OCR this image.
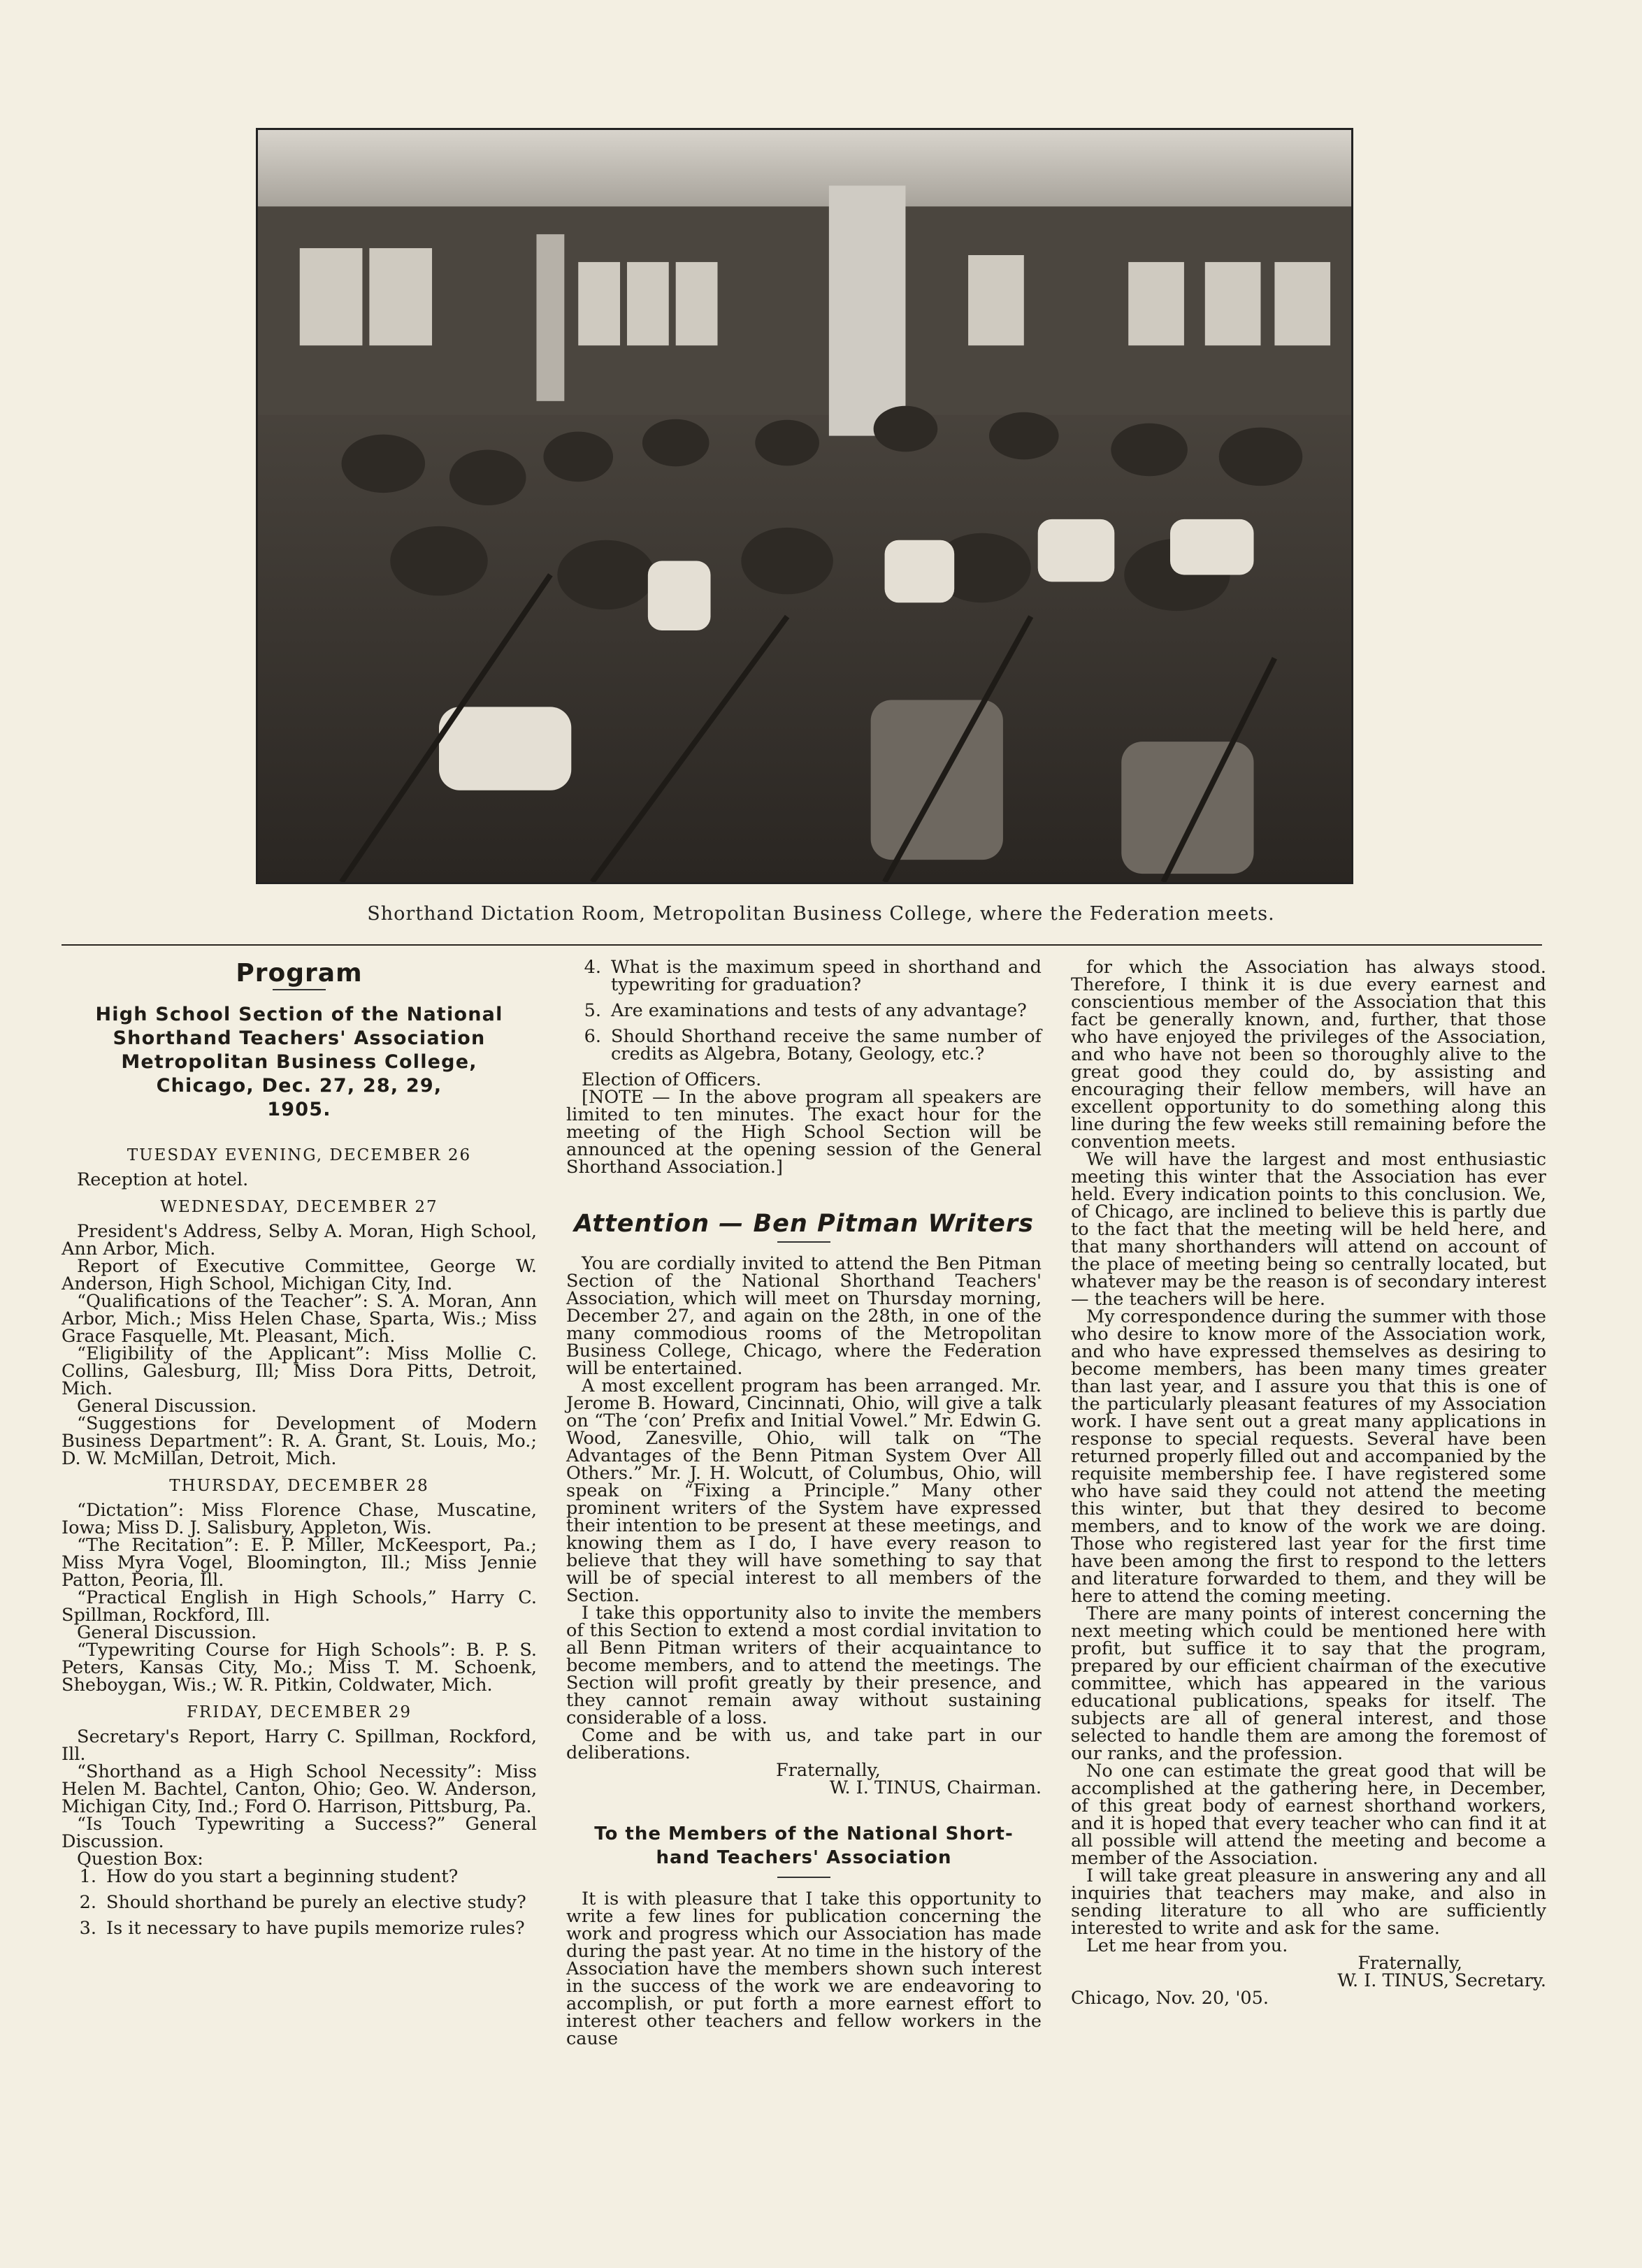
Shorthand Dictation Room, Metropolitan Business College, where the Federation meets.
Program
High School Section of the National
Shorthand Teachers' Association
Metropolitan Business College,
Chicago, Dec. 27, 28, 29,
1905.
TUESDAY EVENING, DECEMBER 26

Reception at hotel.

WEDNESDAY, DECEMBER 27

President's Address, Selby A. Moran, High School, Ann Arbor, Mich.

Report of Executive Committee, George W. Anderson, High School, Michigan City, Ind.

“Qualifications of the Teacher”: S. A. Moran, Ann Arbor, Mich.; Miss Helen Chase, Sparta, Wis.; Miss Grace Fasquelle, Mt. Pleasant, Mich.

“Eligibility of the Applicant”: Miss Mollie C. Collins, Galesburg, Ill; Miss Dora Pitts, Detroit, Mich.

General Discussion.

“Suggestions for Development of Modern Business Department”: R. A. Grant, St. Louis, Mo.; D. W. McMillan, Detroit, Mich.

THURSDAY, DECEMBER 28

“Dictation”: Miss Florence Chase, Muscatine, Iowa; Miss D. J. Salisbury, Appleton, Wis.

“The Recitation”: E. P. Miller, McKeesport, Pa.; Miss Myra Vogel, Bloomington, Ill.; Miss Jennie Patton, Peoria, Ill.

“Practical English in High Schools,” Harry C. Spillman, Rockford, Ill.

General Discussion.

“Typewriting Course for High Schools”: B. P. S. Peters, Kansas City, Mo.; Miss T. M. Schoenk, Sheboygan, Wis.; W. R. Pitkin, Coldwater, Mich.

FRIDAY, DECEMBER 29

Secretary's Report, Harry C. Spillman, Rockford, Ill.

“Shorthand as a High School Necessity”: Miss Helen M. Bachtel, Canton, Ohio; Geo. W. Anderson, Michigan City, Ind.; Ford O. Harrison, Pittsburg, Pa.

“Is Touch Typewriting a Success?” General Discussion.

Question Box:

1. How do you start a beginning student?
2. Should shorthand be purely an elective study?
3. Is it necessary to have pupils memorize rules?
4. What is the maximum speed in shorthand and typewriting for graduation?
5. Are examinations and tests of any advantage?
6. Should Shorthand receive the same number of credits as Algebra, Botany, Geology, etc.?

Election of Officers.

[NOTE — In the above program all speakers are limited to ten minutes. The exact hour for the meeting of the High School Section will be announced at the opening session of the General Shorthand Association.]

Attention — Ben Pitman Writers

You are cordially invited to attend the Ben Pitman Section of the National Shorthand Teachers' Association, which will meet on Thursday morning, December 27, and again on the 28th, in one of the many commodious rooms of the Metropolitan Business College, Chicago, where the Federation will be entertained.

A most excellent program has been arranged. Mr. Jerome B. Howard, Cincinnati, Ohio, will give a talk on “The ‘con’ Prefix and Initial Vowel.” Mr. Edwin G. Wood, Zanesville, Ohio, will talk on “The Advantages of the Benn Pitman System Over All Others.” Mr. J. H. Wolcutt, of Columbus, Ohio, will speak on “Fixing a Principle.” Many other prominent writers of the System have expressed their intention to be present at these meetings, and knowing them as I do, I have every reason to believe that they will have something to say that will be of special interest to all members of the Section.

I take this opportunity also to invite the members of this Section to extend a most cordial invitation to all Benn Pitman writers of their acquaintance to become members, and to attend the meetings. The Section will profit greatly by their presence, and they cannot remain away without sustaining considerable of a loss.

Come and be with us, and take part in our deliberations.

Fraternally,
W. I. TINUS, Chairman.
To the Members of the National Short-
hand Teachers' Association

It is with pleasure that I take this opportunity to write a few lines for publication concerning the work and progress which our Association has made during the past year. At no time in the history of the Association have the members shown such interest in the success of the work we are endeavoring to accomplish, or put forth a more earnest effort to interest other teachers and fellow workers in the cause

for which the Association has always stood. Therefore, I think it is due every earnest and conscientious member of the Association that this fact be generally known, and, further, that those who have enjoyed the privileges of the Association, and who have not been so thoroughly alive to the great good they could do, by assisting and encouraging their fellow members, will have an excellent opportunity to do something along this line during the few weeks still remaining before the convention meets.

We will have the largest and most enthusiastic meeting this winter that the Association has ever held. Every indication points to this conclusion. We, of Chicago, are inclined to believe this is partly due to the fact that the meeting will be held here, and that many shorthanders will attend on account of the place of meeting being so centrally located, but whatever may be the reason is of secondary interest — the teachers will be here.

My correspondence during the summer with those who desire to know more of the Association work, and who have expressed themselves as desiring to become members, has been many times greater than last year, and I assure you that this is one of the particularly pleasant features of my Association work. I have sent out a great many applications in response to special requests. Several have been returned properly filled out and accompanied by the requisite membership fee. I have registered some who have said they could not attend the meeting this winter, but that they desired to become members, and to know of the work we are doing. Those who registered last year for the first time have been among the first to respond to the letters and literature forwarded to them, and they will be here to attend the coming meeting.

There are many points of interest concerning the next meeting which could be mentioned here with profit, but suffice it to say that the program, prepared by our efficient chairman of the executive committee, which has appeared in the various educational publications, speaks for itself. The subjects are all of general interest, and those selected to handle them are among the foremost of our ranks, and the profession.

No one can estimate the great good that will be accomplished at the gathering here, in December, of this great body of earnest shorthand workers, and it is hoped that every teacher who can find it at all possible will attend the meeting and become a member of the Association.

I will take great pleasure in answering any and all inquiries that teachers may make, and also in sending literature to all who are sufficiently interested to write and ask for the same.

Let me hear from you.

Fraternally,
W. I. TINUS, Secretary.
Chicago, Nov. 20, '05.
